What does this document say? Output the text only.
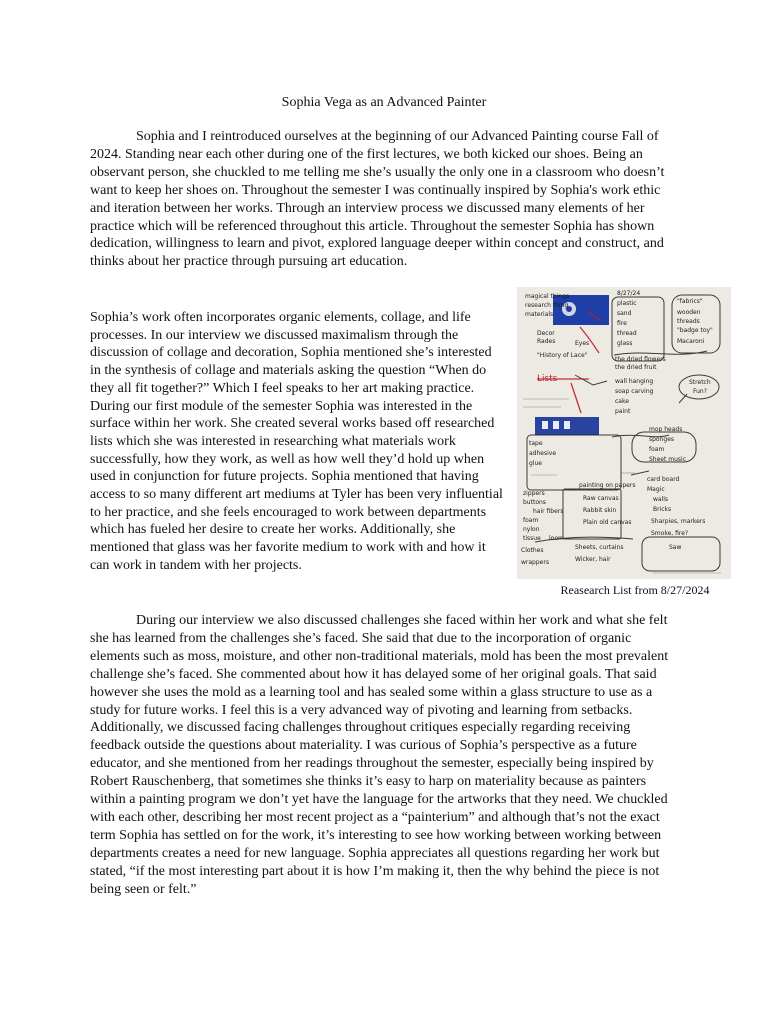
Sophia Vega as an Advanced Painter

Sophia and I reintroduced ourselves at the beginning of our Advanced Painting course Fall of 2024. Standing near each other during one of the first lectures, we both kicked our shoes. Being an observant person, she chuckled to me telling me she’s usually the only one in a classroom who doesn’t want to keep her shoes on. Throughout the semester I was continually inspired by Sophia's work ethic and iteration between her works. Through an interview process we discussed many elements of her practice which will be referenced throughout this article. Throughout the semester Sophia has shown dedication, willingness to learn and pivot, explored language deeper within concept and construct, and thinks about her practice through pursuing art education.

Sophia’s work often incorporates organic elements, collage, and life processes. In our interview we discussed maximalism through the discussion of collage and decoration, Sophia mentioned she’s interested in the synthesis of collage and materials asking the question “When do they all fit together?” Which I feel speaks to her art making practice. During our first module of the semester Sophia was interested in the surface within her work. She created several works based off researched lists which she was interested in researching what materials work successfully, how they work, as well as how well they’d hold up when used in conjunction for future projects. Sophia mentioned that having access to so many different art mediums at Tyler has been very influential to her practice, and she feels encouraged to work between departments which has fueled her desire to create her works. Additionally, she mentioned that glass was her favorite medium to work with and how it can work in tandem with her projects.

magical things
research thing
materials
8/27/24
Decor
Rades	Eyes
"History of Lace"
Lists
plastic
sand
fire
thread
glass
"fabrics"
wooden
threads
"badge toy"
Macaroni
the dried flowers
the dried fruit
Stretch
Fun?
wall hanging
soap carving
cake
paint
tape
adhesive
glue
mop heads
sponges
foam
Sheet music
painting on papers
Raw canvas
Rabbit skin
Plain old canvas
zippers
buttons
hair fibers
foam
nylon
tissue loom
Clothes
wrappers
card board
Magic
walls
Bricks
Sharpies, markers
Smoke, fire?
Sheets, curtains
Wicker, hair
Saw
Reasearch List from 8/27/2024

During our interview we also discussed challenges she faced within her work and what she felt she has learned from the challenges she’s faced. She said that due to the incorporation of organic elements such as moss, moisture, and other non-traditional materials, mold has been the most prevalent challenge she’s faced. She commented about how it has delayed some of her original goals. That said however she uses the mold as a learning tool and has sealed some within a glass structure to use as a study for future works. I feel this is a very advanced way of pivoting and learning from setbacks. Additionally, we discussed facing challenges throughout critiques especially regarding receiving feedback outside the questions about materiality. I was curious of Sophia’s perspective as a future educator, and she mentioned from her readings throughout the semester, especially being inspired by Robert Rauschenberg, that sometimes she thinks it’s easy to harp on materiality because as painters within a painting program we don’t yet have the language for the artworks that they need. We chuckled with each other, describing her most recent project as a “painterium” and although that’s not the exact term Sophia has settled on for the work, it’s interesting to see how working between working between departments creates a need for new language. Sophia appreciates all questions regarding her work but stated, “if the most interesting part about it is how I’m making it, then the why behind the piece is not being seen or felt.”
